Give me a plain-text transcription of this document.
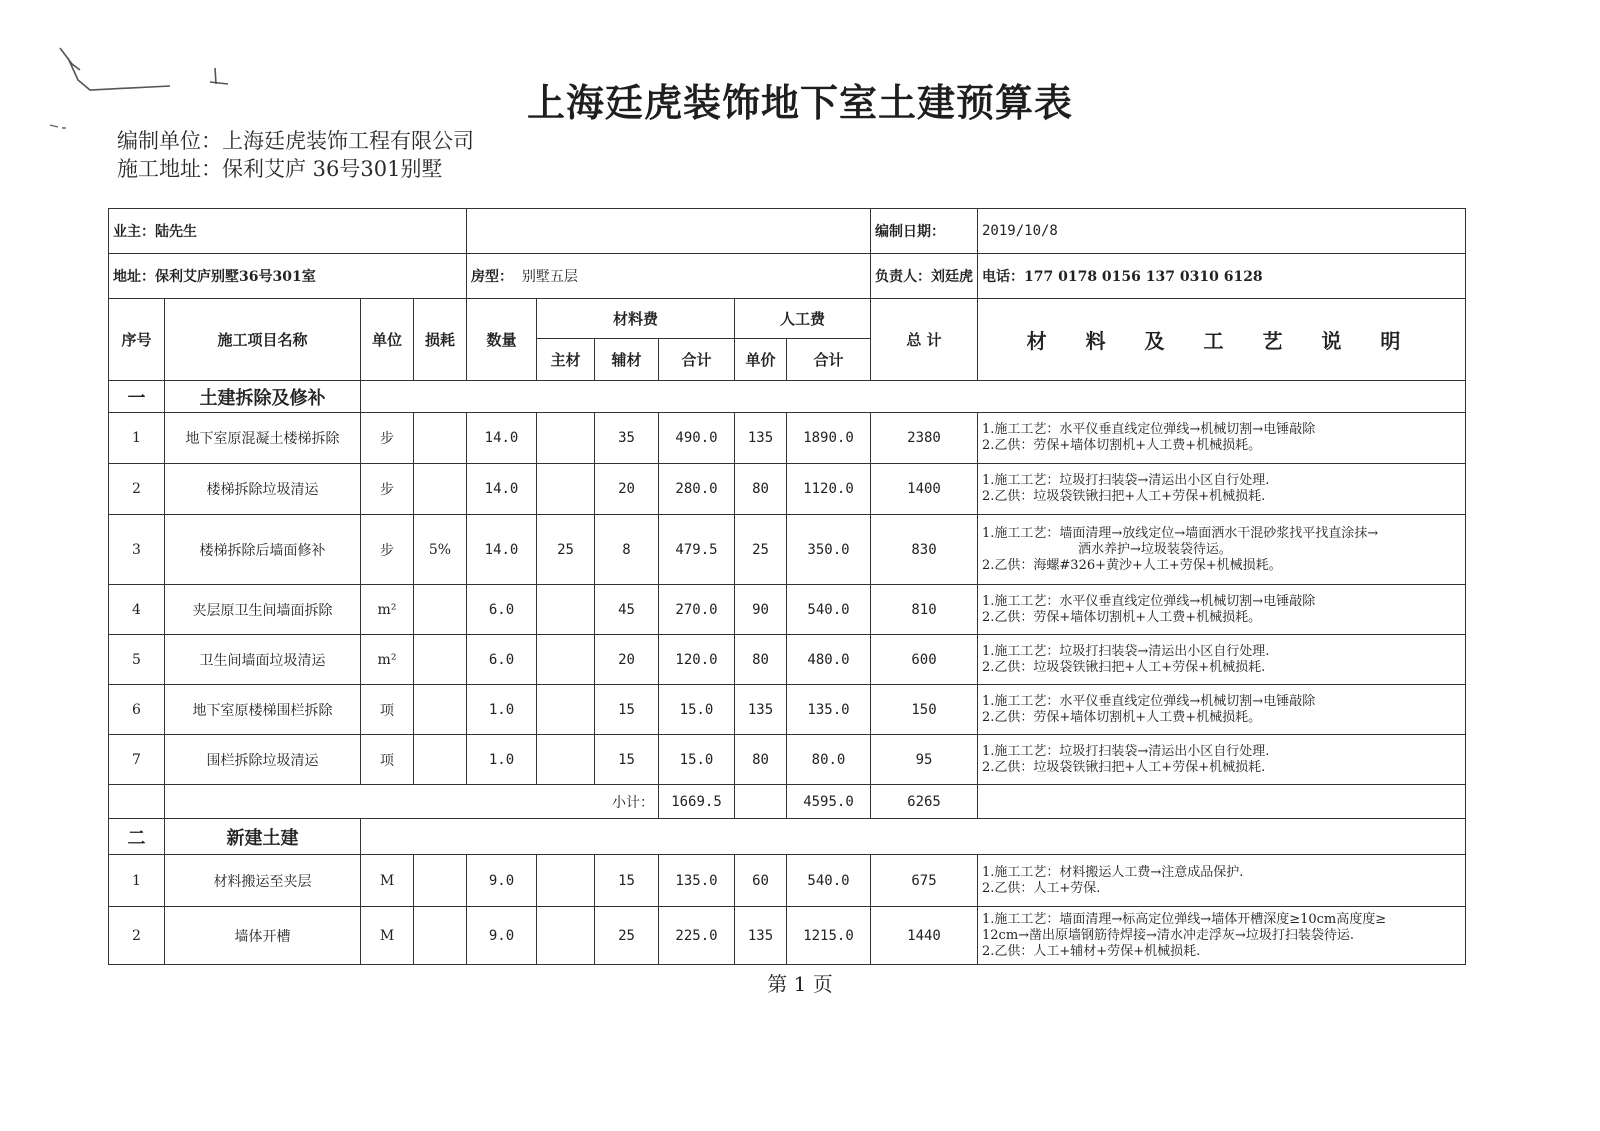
上海廷虎装饰地下室土建预算表
编制单位：上海廷虎装饰工程有限公司
施工地址：保利艾庐 36号301别墅
业主：陆先生										编制日期：	2019/10/8
地址：保利艾庐别墅36号301室				房型： 别墅五层						负责人：刘廷虎	电话：177 0178 0156 137 0310 6128
序号	施工项目名称	单位	损耗	数量	材料费			人工费		总 计	材 料 及 工 艺 说 明
					主材	辅材	合计	单价	合计		
一	土建拆除及修补										
1	地下室原混凝土楼梯拆除	步		14.0		35	490.0	135	1890.0	2380	1.施工工艺：水平仪垂直线定位弹线→机械切割→电锤敲除
2.乙供：劳保+墙体切割机+人工费+机械损耗。

2	楼梯拆除垃圾清运	步		14.0		20	280.0	80	1120.0	1400	1.施工工艺：垃圾打扫装袋→清运出小区自行处理.
2.乙供：垃圾袋铁锹扫把+人工+劳保+机械损耗.

3	楼梯拆除后墙面修补	步	5%	14.0	25	8	479.5	25	350.0	830	1.施工工艺：墙面清理→放线定位→墙面洒水干混砂浆找平找直涂抹→
洒水养护→垃圾装袋待运。
2.乙供：海螺#326+黄沙+人工+劳保+机械损耗。

4	夹层原卫生间墙面拆除	m²		6.0		45	270.0	90	540.0	810	1.施工工艺：水平仪垂直线定位弹线→机械切割→电锤敲除
2.乙供：劳保+墙体切割机+人工费+机械损耗。

5	卫生间墙面垃圾清运	m²		6.0		20	120.0	80	480.0	600	1.施工工艺：垃圾打扫装袋→清运出小区自行处理.
2.乙供：垃圾袋铁锹扫把+人工+劳保+机械损耗.

6	地下室原楼梯围栏拆除	项		1.0		15	15.0	135	135.0	150	1.施工工艺：水平仪垂直线定位弹线→机械切割→电锤敲除
2.乙供：劳保+墙体切割机+人工费+机械损耗。

7	围栏拆除垃圾清运	项		1.0		15	15.0	80	80.0	95	1.施工工艺：垃圾打扫装袋→清运出小区自行处理.
2.乙供：垃圾袋铁锹扫把+人工+劳保+机械损耗.

	小计：						1669.5		4595.0	6265	
二	新建土建										
1	材料搬运至夹层	M		9.0		15	135.0	60	540.0	675	1.施工工艺：材料搬运人工费→注意成品保护.
2.乙供：人工+劳保.

2	墙体开槽	M		9.0		25	225.0	135	1215.0	1440	1.施工工艺：墙面清理→标高定位弹线→墙体开槽深度≥10cm高度度≥
12cm→凿出原墙钢筋待焊接→清水冲走浮灰→垃圾打扫装袋待运.
2.乙供：人工+辅材+劳保+机械损耗.
第 1 页
